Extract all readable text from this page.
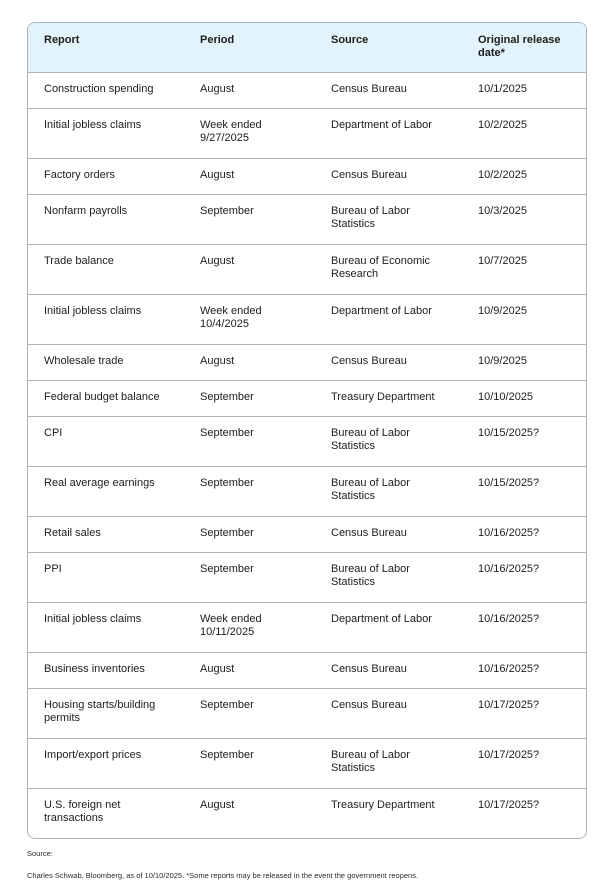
Report	Period	Source	Original release date*
Construction spending	August	Census Bureau	10/1/2025
Initial jobless claims	Week ended 9/27/2025	Department of Labor	10/2/2025
Factory orders	August	Census Bureau	10/2/2025
Nonfarm payrolls	September	Bureau of Labor Statistics	10/3/2025
Trade balance	August	Bureau of Economic Research	10/7/2025
Initial jobless claims	Week ended 10/4/2025	Department of Labor	10/9/2025
Wholesale trade	August	Census Bureau	10/9/2025
Federal budget balance	September	Treasury Department	10/10/2025
CPI	September	Bureau of Labor Statistics	10/15/2025?
Real average earnings	September	Bureau of Labor Statistics	10/15/2025?
Retail sales	September	Census Bureau	10/16/2025?
PPI	September	Bureau of Labor Statistics	10/16/2025?
Initial jobless claims	Week ended 10/11/2025	Department of Labor	10/16/2025?
Business inventories	August	Census Bureau	10/16/2025?
Housing starts/building permits	September	Census Bureau	10/17/2025?
Import/export prices	September	Bureau of Labor Statistics	10/17/2025?
U.S. foreign net transactions	August	Treasury Department	10/17/2025?
Source:
Charles Schwab, Bloomberg, as of 10/10/2025. *Some reports may be released in the event the government reopens.
